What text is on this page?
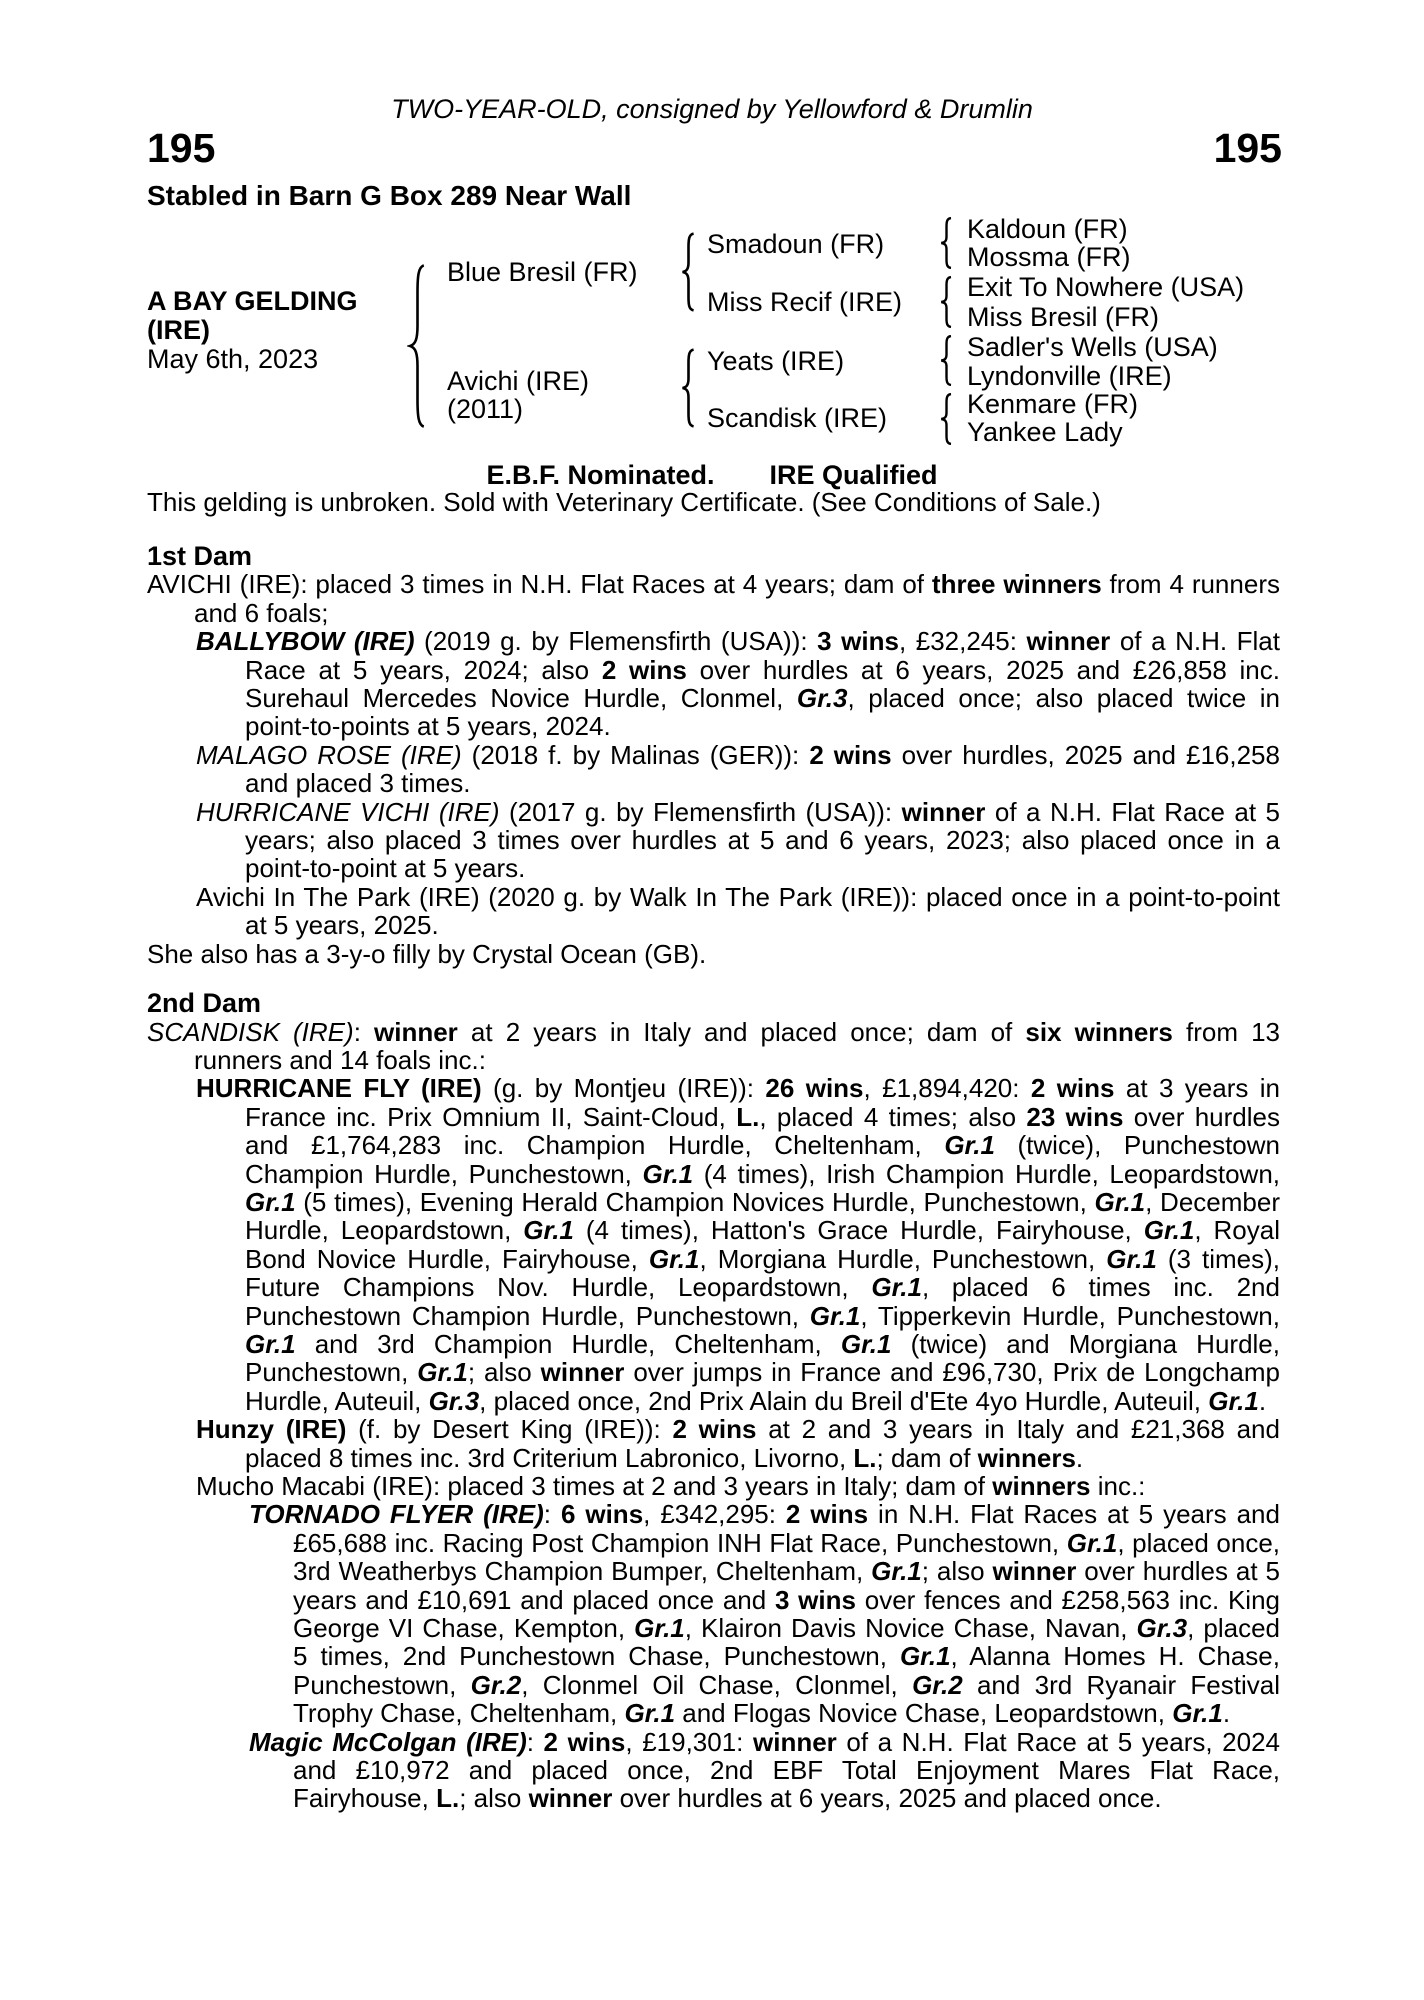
TWO-YEAR-OLD, consigned by Yellowford & Drumlin
195	195
Stabled in Barn G Box 289 Near Wall
A BAY GELDING
(IRE)
May 6th, 2023
Blue Bresil (FR)
Avichi (IRE)
(2011)
Smadoun (FR)
Miss Recif (IRE)
Yeats (IRE)
Scandisk (IRE)
Kaldoun (FR)
Mossma (FR)
Exit To Nowhere (USA)
Miss Bresil (FR)
Sadler's Wells (USA)
Lyndonville (IRE)
Kenmare (FR)
Yankee Lady
E.B.F. Nominated. IRE Qualified
This gelding is unbroken. Sold with Veterinary Certificate. (See Conditions of Sale.)
1st Dam
AVICHI (IRE): placed 3 times in N.H. Flat Races at 4 years; dam of three winners from 4 runners and 6 foals;
BALLYBOW (IRE) (2019 g. by Flemensfirth (USA)): 3 wins, £32,245: winner of a N.H. Flat Race at 5 years, 2024; also 2 wins over hurdles at 6 years, 2025 and £26,858 inc. Surehaul Mercedes Novice Hurdle, Clonmel, Gr.3, placed once; also placed twice in point-to-points at 5 years, 2024.
MALAGO ROSE (IRE) (2018 f. by Malinas (GER)): 2 wins over hurdles, 2025 and £16,258 and placed 3 times.
HURRICANE VICHI (IRE) (2017 g. by Flemensfirth (USA)): winner of a N.H. Flat Race at 5 years; also placed 3 times over hurdles at 5 and 6 years, 2023; also placed once in a point-to-point at 5 years.
Avichi In The Park (IRE) (2020 g. by Walk In The Park (IRE)): placed once in a point-to-point at 5 years, 2025.
She also has a 3-y-o filly by Crystal Ocean (GB).
2nd Dam
SCANDISK (IRE): winner at 2 years in Italy and placed once; dam of six winners from 13 runners and 14 foals inc.:
HURRICANE FLY (IRE) (g. by Montjeu (IRE)): 26 wins, £1,894,420: 2 wins at 3 years in France inc. Prix Omnium II, Saint-Cloud, L., placed 4 times; also 23 wins over hurdles and £1,764,283 inc. Champion Hurdle, Cheltenham, Gr.1 (twice), Punchestown Champion Hurdle, Punchestown, Gr.1 (4 times), Irish Champion Hurdle, Leopardstown, Gr.1 (5 times), Evening Herald Champion Novices Hurdle, Punchestown, Gr.1, December Hurdle, Leopardstown, Gr.1 (4 times), Hatton's Grace Hurdle, Fairyhouse, Gr.1, Royal Bond Novice Hurdle, Fairyhouse, Gr.1, Morgiana Hurdle, Punchestown, Gr.1 (3 times), Future Champions Nov. Hurdle, Leopardstown, Gr.1, placed 6 times inc. 2nd Punchestown Champion Hurdle, Punchestown, Gr.1, Tipperkevin Hurdle, Punchestown, Gr.1 and 3rd Champion Hurdle, Cheltenham, Gr.1 (twice) and Morgiana Hurdle, Punchestown, Gr.1; also winner over jumps in France and £96,730, Prix de Longchamp Hurdle, Auteuil, Gr.3, placed once, 2nd Prix Alain du Breil d'Ete 4yo Hurdle, Auteuil, Gr.1.
Hunzy (IRE) (f. by Desert King (IRE)): 2 wins at 2 and 3 years in Italy and £21,368 and placed 8 times inc. 3rd Criterium Labronico, Livorno, L.; dam of winners.
Mucho Macabi (IRE): placed 3 times at 2 and 3 years in Italy; dam of winners inc.:
TORNADO FLYER (IRE): 6 wins, £342,295: 2 wins in N.H. Flat Races at 5 years and £65,688 inc. Racing Post Champion INH Flat Race, Punchestown, Gr.1, placed once, 3rd Weatherbys Champion Bumper, Cheltenham, Gr.1; also winner over hurdles at 5 years and £10,691 and placed once and 3 wins over fences and £258,563 inc. King George VI Chase, Kempton, Gr.1, Klairon Davis Novice Chase, Navan, Gr.3, placed 5 times, 2nd Punchestown Chase, Punchestown, Gr.1, Alanna Homes H. Chase, Punchestown, Gr.2, Clonmel Oil Chase, Clonmel, Gr.2 and 3rd Ryanair Festival Trophy Chase, Cheltenham, Gr.1 and Flogas Novice Chase, Leopardstown, Gr.1.
Magic McColgan (IRE): 2 wins, £19,301: winner of a N.H. Flat Race at 5 years, 2024 and £10,972 and placed once, 2nd EBF Total Enjoyment Mares Flat Race, Fairyhouse, L.; also winner over hurdles at 6 years, 2025 and placed once.
